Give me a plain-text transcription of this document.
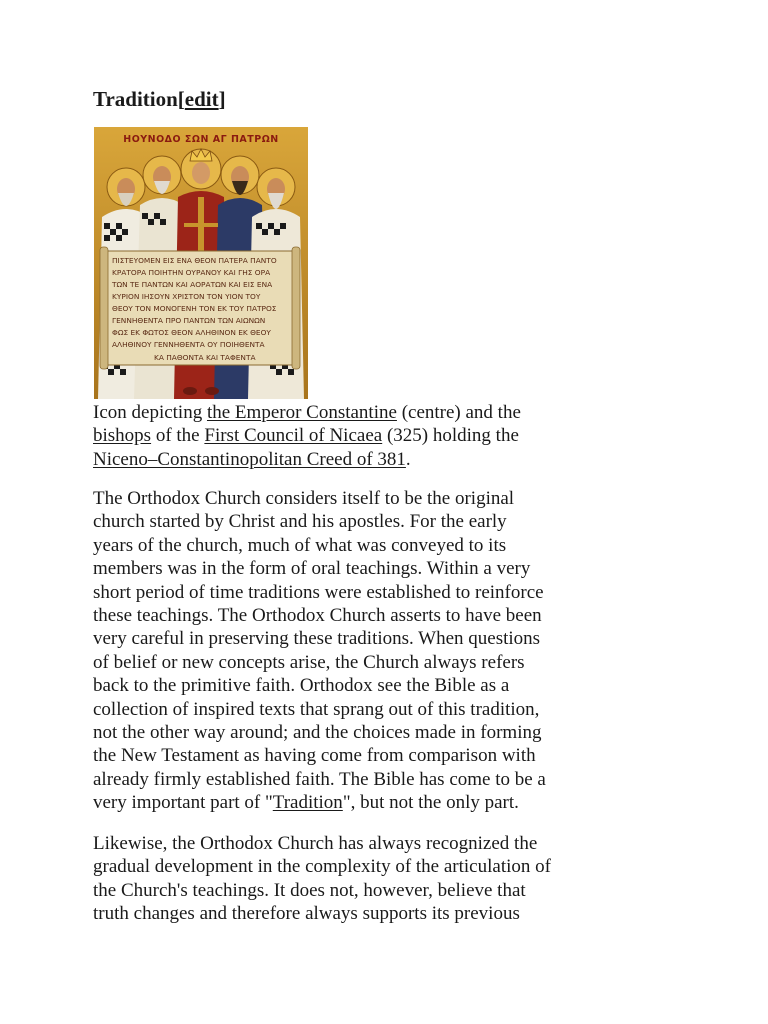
Tradition[edit]
ΗΟΥΝΟΔΟ ΣΩΝ ΑΓ ΠΑΤΡΩΝ
ΠΙΣΤΕΥΟΜΕΝ ΕΙΣ ΕΝΑ ΘΕΟΝ ΠΑΤΕΡΑ ΠΑΝΤΟ
ΚΡΑΤΟΡΑ ΠΟΙΗΤΗΝ ΟΥΡΑΝΟΥ ΚΑΙ ΓΗΣ ΟΡΑ
ΤΩΝ ΤΕ ΠΑΝΤΩΝ ΚΑΙ ΑΟΡΑΤΩΝ ΚΑΙ ΕΙΣ ΕΝΑ
ΚΥΡΙΟΝ ΙΗΣΟΥΝ ΧΡΙΣΤΟΝ ΤΟΝ ΥΙΟΝ ΤΟΥ
ΘΕΟΥ ΤΟΝ ΜΟΝΟΓΕΝΗ ΤΟΝ ΕΚ ΤΟΥ ΠΑΤΡΟΣ
ΓΕΝΝΗΘΕΝΤΑ ΠΡΟ ΠΑΝΤΩΝ ΤΩΝ ΑΙΩΝΩΝ
ΦΩΣ ΕΚ ΦΩΤΟΣ ΘΕΟΝ ΑΛΗΘΙΝΟΝ ΕΚ ΘΕΟΥ
ΑΛΗΘΙΝΟΥ ΓΕΝΝΗΘΕΝΤΑ ΟΥ ΠΟΙΗΘΕΝΤΑ
ΚΑ ΠΑΘΟΝΤΑ ΚΑΙ ΤΑΦΕΝΤΑ

Icon depicting the Emperor Constantine (centre) and the
bishops of the First Council of Nicaea (325) holding the
Niceno–Constantinopolitan Creed of 381.

The Orthodox Church considers itself to be the original
church started by Christ and his apostles. For the early
years of the church, much of what was conveyed to its
members was in the form of oral teachings. Within a very
short period of time traditions were established to reinforce
these teachings. The Orthodox Church asserts to have been
very careful in preserving these traditions. When questions
of belief or new concepts arise, the Church always refers
back to the primitive faith. Orthodox see the Bible as a
collection of inspired texts that sprang out of this tradition,
not the other way around; and the choices made in forming
the New Testament as having come from comparison with
already firmly established faith. The Bible has come to be a
very important part of "Tradition", but not the only part.

Likewise, the Orthodox Church has always recognized the
gradual development in the complexity of the articulation of
the Church's teachings. It does not, however, believe that
truth changes and therefore always supports its previous
